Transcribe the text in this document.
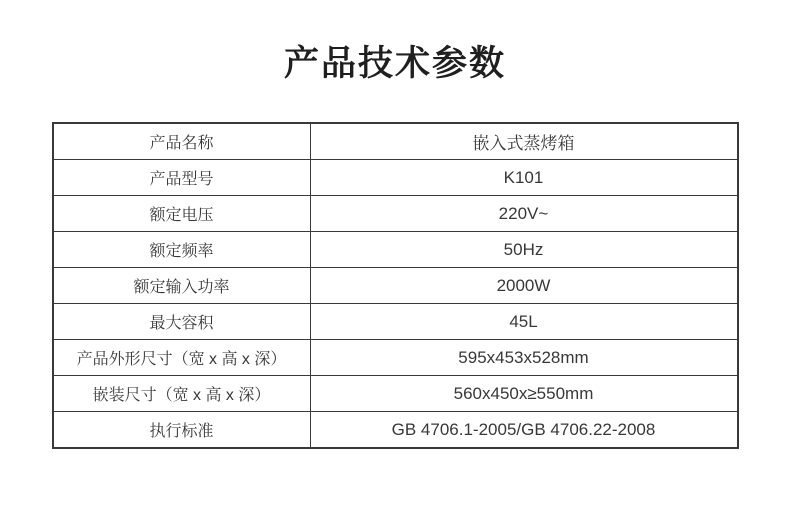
产品技术参数
产品名称	嵌入式蒸烤箱
产品型号	K101
额定电压	220V~
额定频率	50Hz
额定输入功率	2000W
最大容积	45L
产品外形尺寸（宽 x 高 x 深）	595x453x528mm
嵌装尺寸（宽 x 高 x 深）	560x450x≥550mm
执行标准	GB 4706.1-2005/GB 4706.22-2008
